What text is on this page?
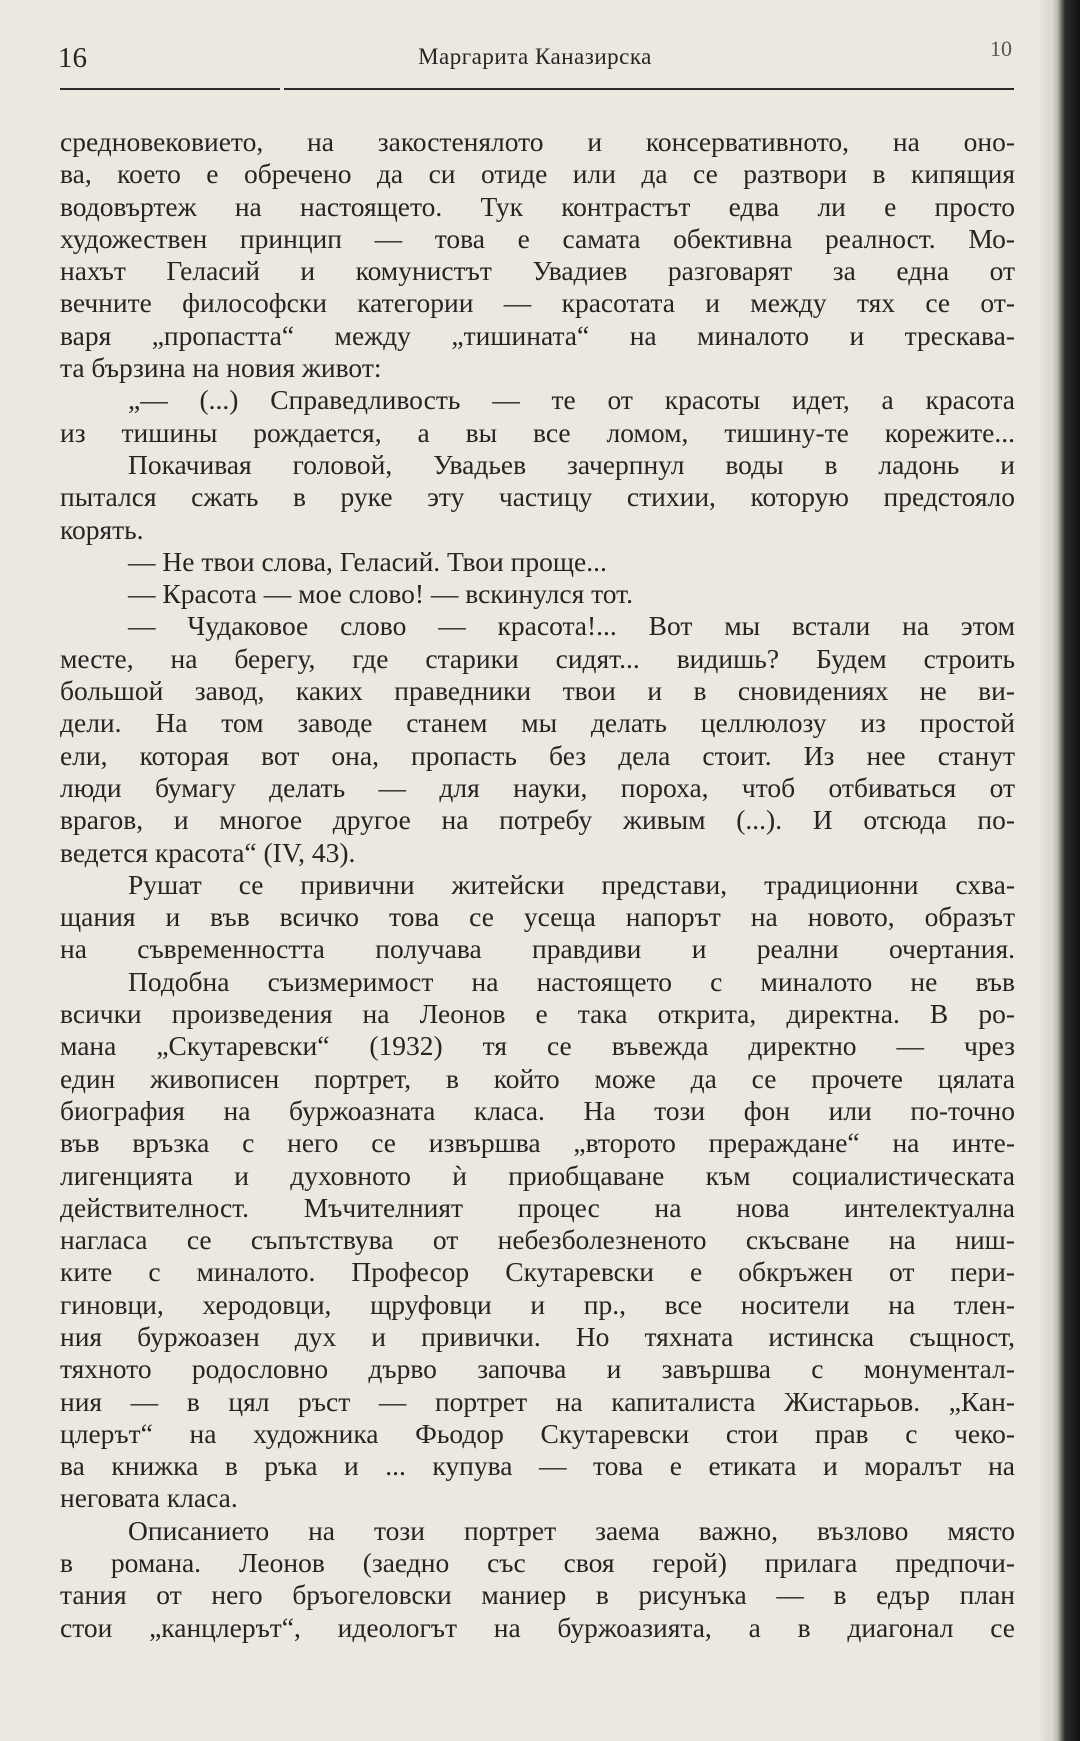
16	Маргарита Каназирска	10
средновековието, на закостенялото и консервативното, на оно-
ва, което е обречено да си отиде или да се разтвори в кипящия
водовъртеж на настоящето. Тук контрастът едва ли е просто
художествен принцип — това е самата обективна реалност. Мо-
нахът Геласий и комунистът Увадиев разговарят за една от
вечните философски категории — красотата и между тях се от-
варя „пропастта“ между „тишината“ на миналото и трескава-
та бързина на новия живот:
„— (...) Справедливость — те от красоты идет, а красота
из тишины рождается, а вы все ломом, тишину-те корежите...
Покачивая головой, Увадьев зачерпнул воды в ладонь и
пытался сжать в руке эту частицу стихии, которую предстояло
корять.
— Не твои слова, Геласий. Твои проще...
— Красота — мое слово! — вскинулся тот.
— Чудаковое слово — красота!... Вот мы встали на этом
месте, на берегу, где старики сидят... видишь? Будем строить
большой завод, каких праведники твои и в сновидениях не ви-
дели. На том заводе станем мы делать целлюлозу из простой
ели, которая вот она, пропасть без дела стоит. Из нее станут
люди бумагу делать — для науки, пороха, чтоб отбиваться от
врагов, и многое другое на потребу живым (...). И отсюда по-
ведется красота“ (IV, 43).
Рушат се привични житейски представи, традиционни схва-
щания и във всичко това се усеща напорът на новото, образът
на съвременността получава правдиви и реални очертания.
Подобна съизмеримост на настоящето с миналото не във
всички произведения на Леонов е така открита, директна. В ро-
мана „Скутаревски“ (1932) тя се въвежда директно — чрез
един живописен портрет, в който може да се прочете цялата
биография на буржоазната класа. На този фон или по-точно
във връзка с него се извършва „второто прераждане“ на инте-
лигенцията и духовното ѝ приобщаване към социалистическата
действителност. Мъчителният процес на нова интелектуална
нагласа се съпътствува от небезболезненото скъсване на ниш-
ките с миналото. Професор Скутаревски е обкръжен от пери-
гиновци, херодовци, щруфовци и пр., все носители на тлен-
ния буржоазен дух и привички. Но тяхната истинска същност,
тяхното родословно дърво започва и завършва с монументал-
ния — в цял ръст — портрет на капиталиста Жистарьов. „Кан-
цлерът“ на художника Фьодор Скутаревски стои прав с чеко-
ва книжка в ръка и ... купува — това е етиката и моралът на
неговата класа.
Описанието на този портрет заема важно, възлово място
в романа. Леонов (заедно със своя герой) прилага предпочи-
тания от него бръогеловски маниер в рисунъка — в едър план
стои „канцлерът“, идеологът на буржоазията, а в диагонал се
